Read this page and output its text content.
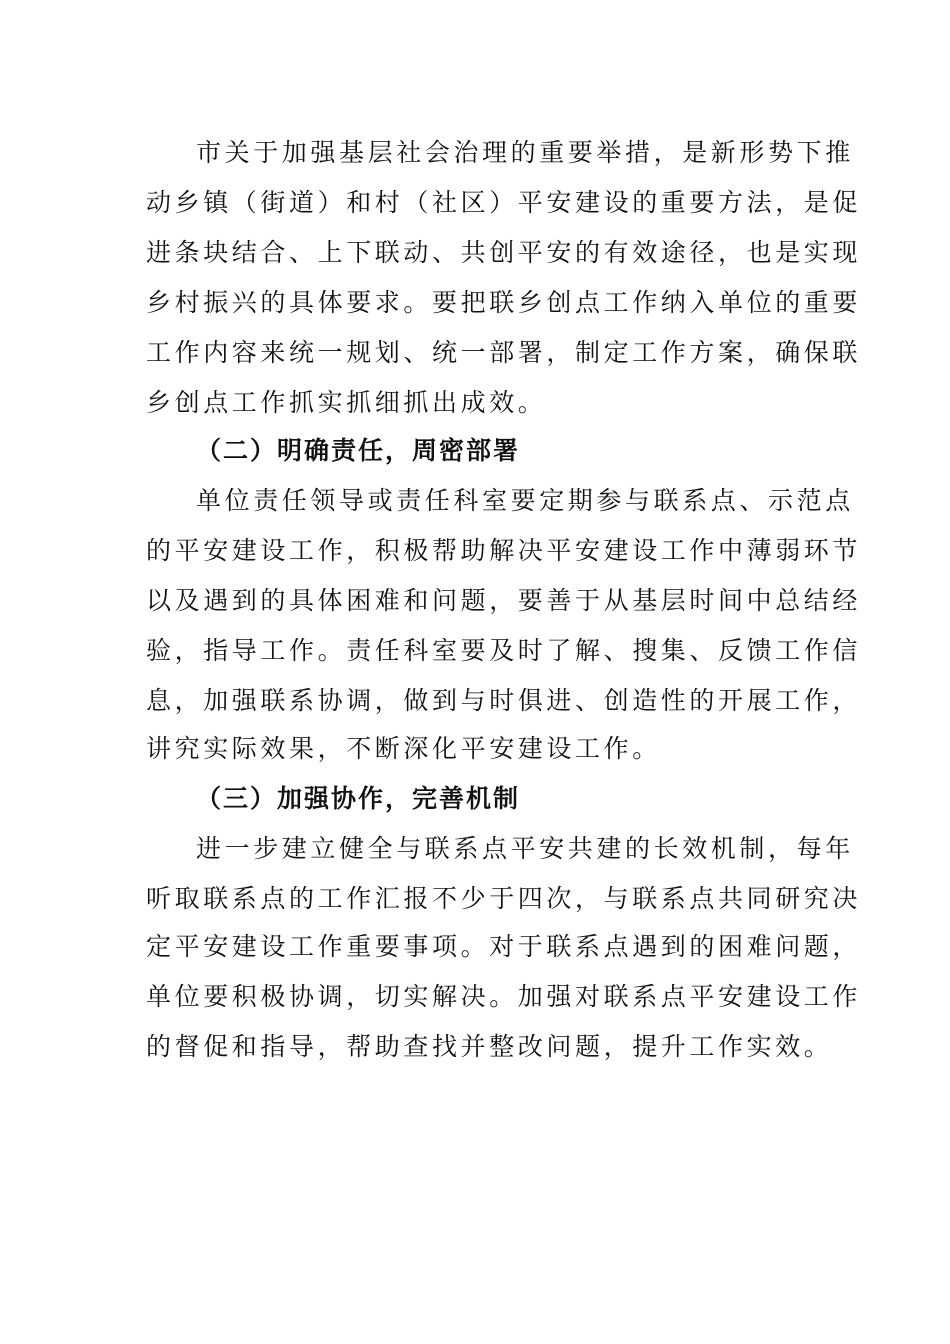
市关于加强基层社会治理的重要举措，是新形势下推
动乡镇（街道）和村（社区）平安建设的重要方法，是促
进条块结合、上下联动、共创平安的有效途径，也是实现
乡村振兴的具体要求。要把联乡创点工作纳入单位的重要
工作内容来统一规划、统一部署，制定工作方案，确保联
乡创点工作抓实抓细抓出成效。
（二）明确责任，周密部署
单位责任领导或责任科室要定期参与联系点、示范点
的平安建设工作，积极帮助解决平安建设工作中薄弱环节
以及遇到的具体困难和问题，要善于从基层时间中总结经
验，指导工作。责任科室要及时了解、搜集、反馈工作信
息，加强联系协调，做到与时俱进、创造性的开展工作，
讲究实际效果，不断深化平安建设工作。
（三）加强协作，完善机制
进一步建立健全与联系点平安共建的长效机制，每年
听取联系点的工作汇报不少于四次，与联系点共同研究决
定平安建设工作重要事项。对于联系点遇到的困难问题，
单位要积极协调，切实解决。加强对联系点平安建设工作
的督促和指导，帮助查找并整改问题，提升工作实效。
